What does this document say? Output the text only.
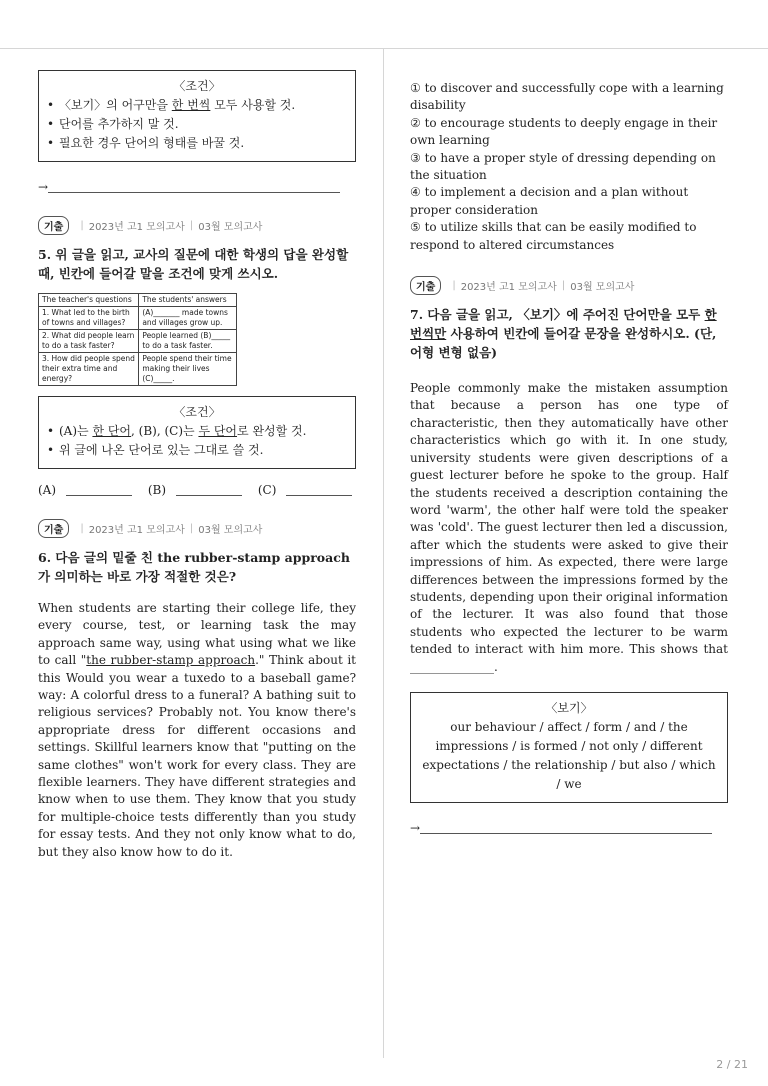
〈조건〉
• 〈보기〉의 어구만을 한 번씩 모두 사용할 것.
• 단어를 추가하지 말 것.
• 필요한 경우 단어의 형태를 바꿀 것.
→
기출	| 2023년 고1 모의고사 | 03월 모의고사
5. 위 글을 읽고, 교사의 질문에 대한 학생의 답을 완성할 때, 빈칸에 들어갈 말을 조건에 맞게 쓰시오.
The teacher's questions	The students' answers
1. What led to the birth of towns and villages?	(A)_______ made towns and villages grow up.
2. What did people learn to do a task faster?	People learned (B)_____ to do a task faster.
3. How did people spend their extra time and energy?	People spend their time making their lives (C)_____.
〈조건〉
• (A)는 한 단어, (B), (C)는 두 단어로 완성할 것.
• 위 글에 나온 단어로 있는 그대로 쓸 것.
(A)	(B)	(C)
기출	| 2023년 고1 모의고사 | 03월 모의고사
6. 다음 글의 밑줄 친 the rubber-stamp approach가 의미하는 바로 가장 적절한 것은?
When students are starting their college life, they every course, test, or learning task the may approach same way, using what using what we like to call "the rubber-stamp approach." Think about it this Would you wear a tuxedo to a baseball game? way: A colorful dress to a funeral? A bathing suit to religious services? Probably not. You know there's appropriate dress for different occasions and settings. Skillful learners know that "putting on the same clothes" won't work for every class. They are flexible learners. They have different strategies and know when to use them. They know that you study for multiple-choice tests differently than you study for essay tests. And they not only know what to do, but they also know how to do it.
① to discover and successfully cope with a learning disability
② to encourage students to deeply engage in their own learning
③ to have a proper style of dressing depending on the situation
④ to implement a decision and a plan without proper consideration
⑤ to utilize skills that can be easily modified to respond to altered circumstances
기출	| 2023년 고1 모의고사 | 03월 모의고사
7. 다음 글을 읽고, 〈보기〉에 주어진 단어만을 모두 한 번씩만 사용하여 빈칸에 들어갈 문장을 완성하시오. (단, 어형 변형 없음)
People commonly make the mistaken assumption that because a person has one type of characteristic, then they automatically have other characteristics which go with it. In one study, university students were given descriptions of a guest lecturer before he spoke to the group. Half the students received a description containing the word 'warm', the other half were told the speaker was 'cold'. The guest lecturer then led a discussion, after which the students were asked to give their impressions of him. As expected, there were large differences between the impressions formed by the students, depending upon their original information of the lecturer. It was also found that those students who expected the lecturer to be warm tended to interact with him more. This shows that ______________.
〈보기〉
our behaviour / affect / form / and / the impressions / is formed / not only / different expectations / the relationship / but also / which / we
→
2 / 21
